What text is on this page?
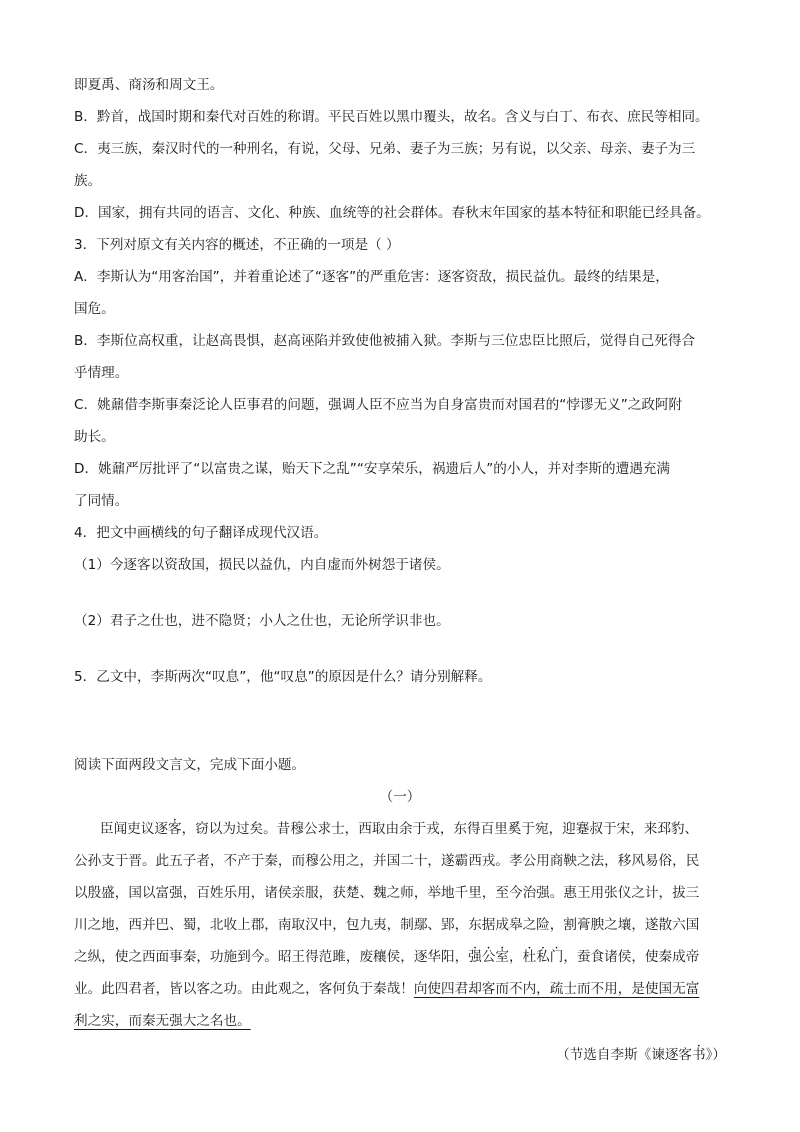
即夏禹、商汤和周文王。
B．黔首，战国时期和秦代对百姓的称谓。平民百姓以黑巾覆头，故名。含义与白丁、布衣、庶民等相同。
C．夷三族，秦汉时代的一种刑名，有说，父母、兄弟、妻子为三族；另有说，以父亲、母亲、妻子为三
族。
D．国家，拥有共同的语言、文化、种族、血统等的社会群体。春秋末年国家的基本特征和职能已经具备。
3．下列对原文有关内容的概述，不正确的一项是（ ）
A．李斯认为“用客治国”，并着重论述了“逐客”的严重危害：逐客资敌，损民益仇。最终的结果是，
国危。
B．李斯位高权重，让赵高畏惧，赵高诬陷并致使他被捕入狱。李斯与三位忠臣比照后，觉得自己死得合
乎情理。
C．姚鼐借李斯事秦泛论人臣事君的问题，强调人臣不应当为自身富贵而对国君的“悖谬无义”之政阿附
助长。
D．姚鼐严厉批评了“以富贵之谋，贻天下之乱”“安享荣乐，祸遗后人”的小人，并对李斯的遭遇充满
了同情。
4．把文中画横线的句子翻译成现代汉语。
（1）今逐客以资敌国，损民以益仇，内自虚而外树怨于诸侯。
（2）君子之仕也，进不隐贤；小人之仕也，无论所学识非也。
5．乙文中，李斯两次“叹息”，他“叹息”的原因是什么？请分别解释。
阅读下面两段文言文，完成下面小题。
（一）
臣闻吏议逐客，窃以为过矣。昔穆公求士，西取由余于戎，东得百里奚于宛，迎蹇叔于宋，来邳豹、
公孙支于晋。此五子者，不产于秦，而穆公用之，并国二十，遂霸西戎。孝公用商鞅之法，移风易俗，民
以殷盛，国以富强，百姓乐用，诸侯亲服，获楚、魏之师，举地千里，至今治强。惠王用张仪之计，拔三
川之地，西并巴、蜀，北收上郡，南取汉中，包九夷，制鄢、郢，东据成皋之险，割膏腴之壤，遂散六国
之纵，使之西面事秦，功施到今。昭王得范雎，废穰侯，逐华阳，强公室，杜私门，蚕食诸侯，使秦成帝
业。此四君者，皆以客之功。由此观之，客何负于秦哉！向使四君却客而不内，疏士而不用，是使国无富
利之实，而秦无强大之名也。
（节选自李斯《谏逐客书》）
